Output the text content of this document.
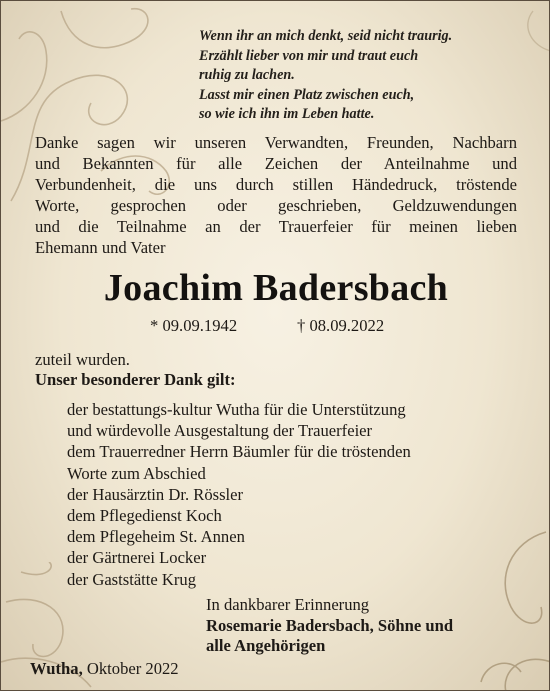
Wenn ihr an mich denkt, seid nicht traurig.
Erzählt lieber von mir und traut euch
ruhig zu lachen.
Lasst mir einen Platz zwischen euch,
so wie ich ihn im Leben hatte.
Danke sagen wir unseren Verwandten, Freunden, Nachbarn
und Bekannten für alle Zeichen der Anteilnahme und
Verbundenheit, die uns durch stillen Händedruck, tröstende
Worte, gesprochen oder geschrieben, Geldzuwendungen
und die Teilnahme an der Trauerfeier für meinen lieben
Ehemann und Vater
Joachim Badersbach
* 09.09.1942	† 08.09.2022
zuteil wurden.
Unser besonderer Dank gilt:
der bestattungs-kultur Wutha für die Unterstützung
und würdevolle Ausgestaltung der Trauerfeier
dem Trauerredner Herrn Bäumler für die tröstenden
Worte zum Abschied
der Hausärztin Dr. Rössler
dem Pflegedienst Koch
dem Pflegeheim St. Annen
der Gärtnerei Locker
der Gaststätte Krug
In dankbarer Erinnerung
Rosemarie Badersbach, Söhne und
alle Angehörigen
Wutha, Oktober 2022
